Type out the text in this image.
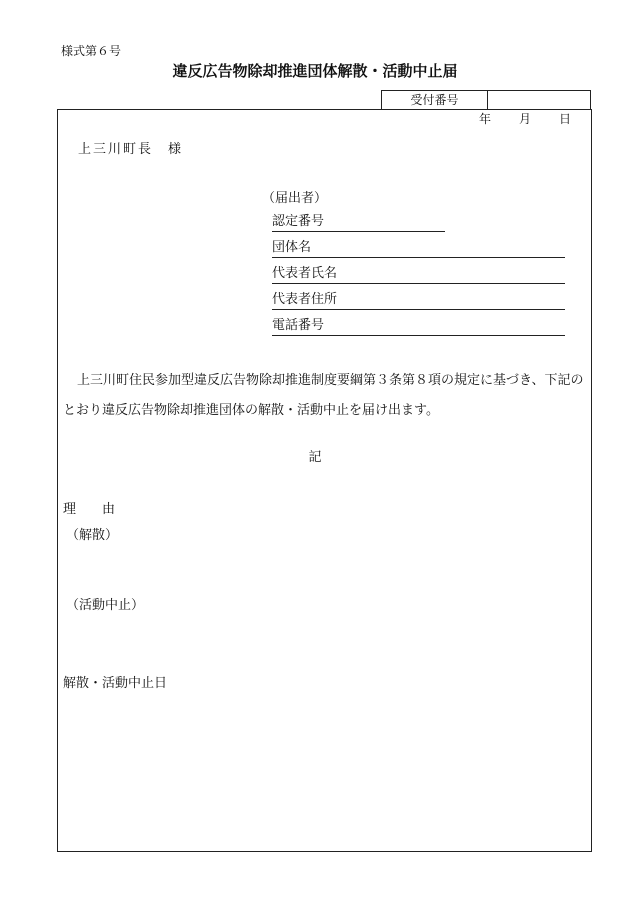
様式第６号
違反広告物除却推進団体解散・活動中止届
受付番号
年 月 日
上三川町長　様
（届出者）
認定番号
団体名
代表者氏名
代表者住所
電話番号
上三川町住民参加型違反広告物除却推進制度要綱第３条第８項の規定に基づき、下記のとおり違反広告物除却推進団体の解散・活動中止を届け出ます。
記
理　　由
（解散）
（活動中止）
解散・活動中止日
